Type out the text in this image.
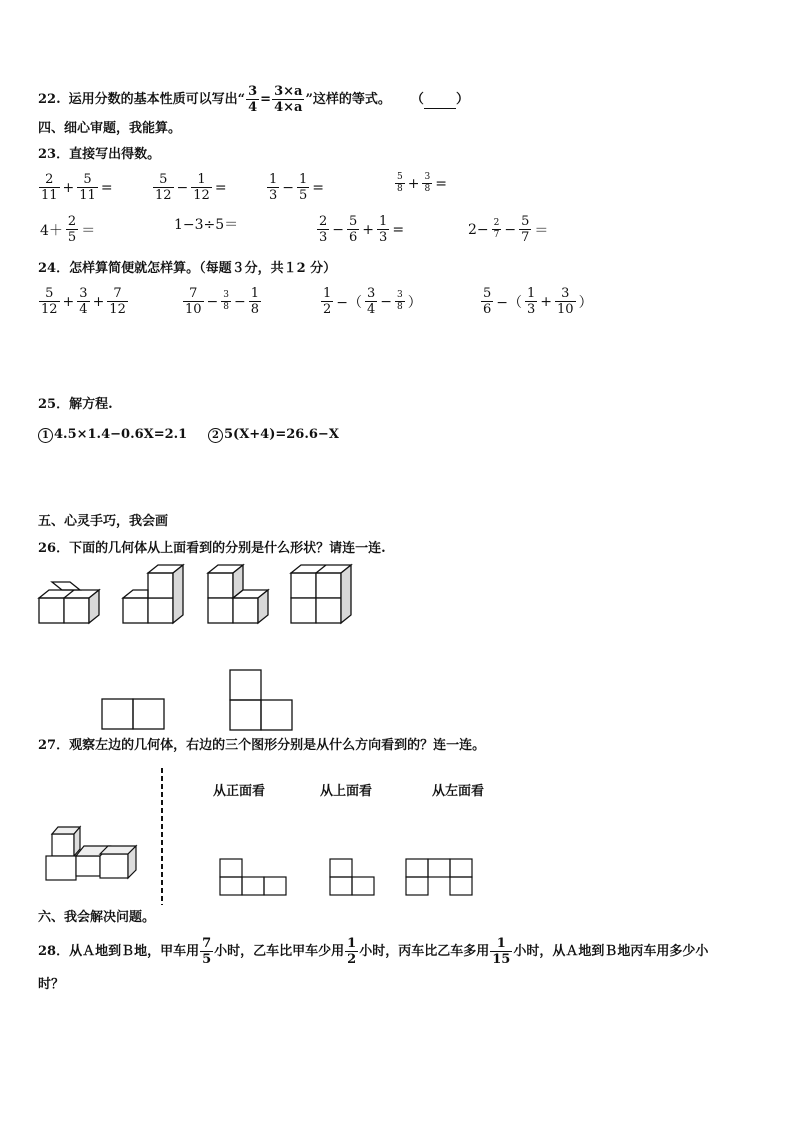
22. 运用分数的基本性质可以写出“ $\frac{3}{4} = \frac{3\times a}{4\times a}$ ”这样的等式。 （ ）
四、细心审题，我能算。
23．直接写出得数。
$\frac{2}{11} + \frac{5}{11}$ =	$\frac{5}{12} - \frac{1}{12}$ =	$\frac{1}{3} - \frac{1}{5}$ =	$\frac{5}{8} + \frac{3}{8}$ =
$4+ \frac{2}{5}$ ＝	1−3÷5＝	$\frac{2}{3} - \frac{5}{6} + \frac{1}{3}$ =	$2- \frac{2}{7} - \frac{5}{7}$ ＝
24．怎样算简便就怎样算。（每题３分，共１2 分）
$\frac{5}{12} + \frac{3}{4} + \frac{7}{12}$	$\frac{7}{10} - \frac{3}{8} - \frac{1}{8}$	$\frac{1}{2}$ −（ $\frac{3}{4} - \frac{3}{8}$ ）	$\frac{5}{6}$ −（ $\frac{1}{3} + \frac{3}{10}$ ）
25．解方程.
1 4.5×1.4−0.6X=2.1	2 5(X+4)=26.6−X
五、心灵手巧，我会画
26．下面的几何体从上面看到的分别是什么形状？请连一连.
27．观察左边的几何体，右边的三个图形分别是从什么方向看到的？连一连。
从正面看	从上面看	从左面看
六、我会解决问题。
28． 从Ａ地到Ｂ地，甲车用 $\frac{7}{5}$ 小时，乙车比甲车少用 $\frac{1}{2}$ 小时，丙车比乙车多用 $\frac{1}{15}$ 小时，从Ａ地到Ｂ地丙车用多少小
时？
